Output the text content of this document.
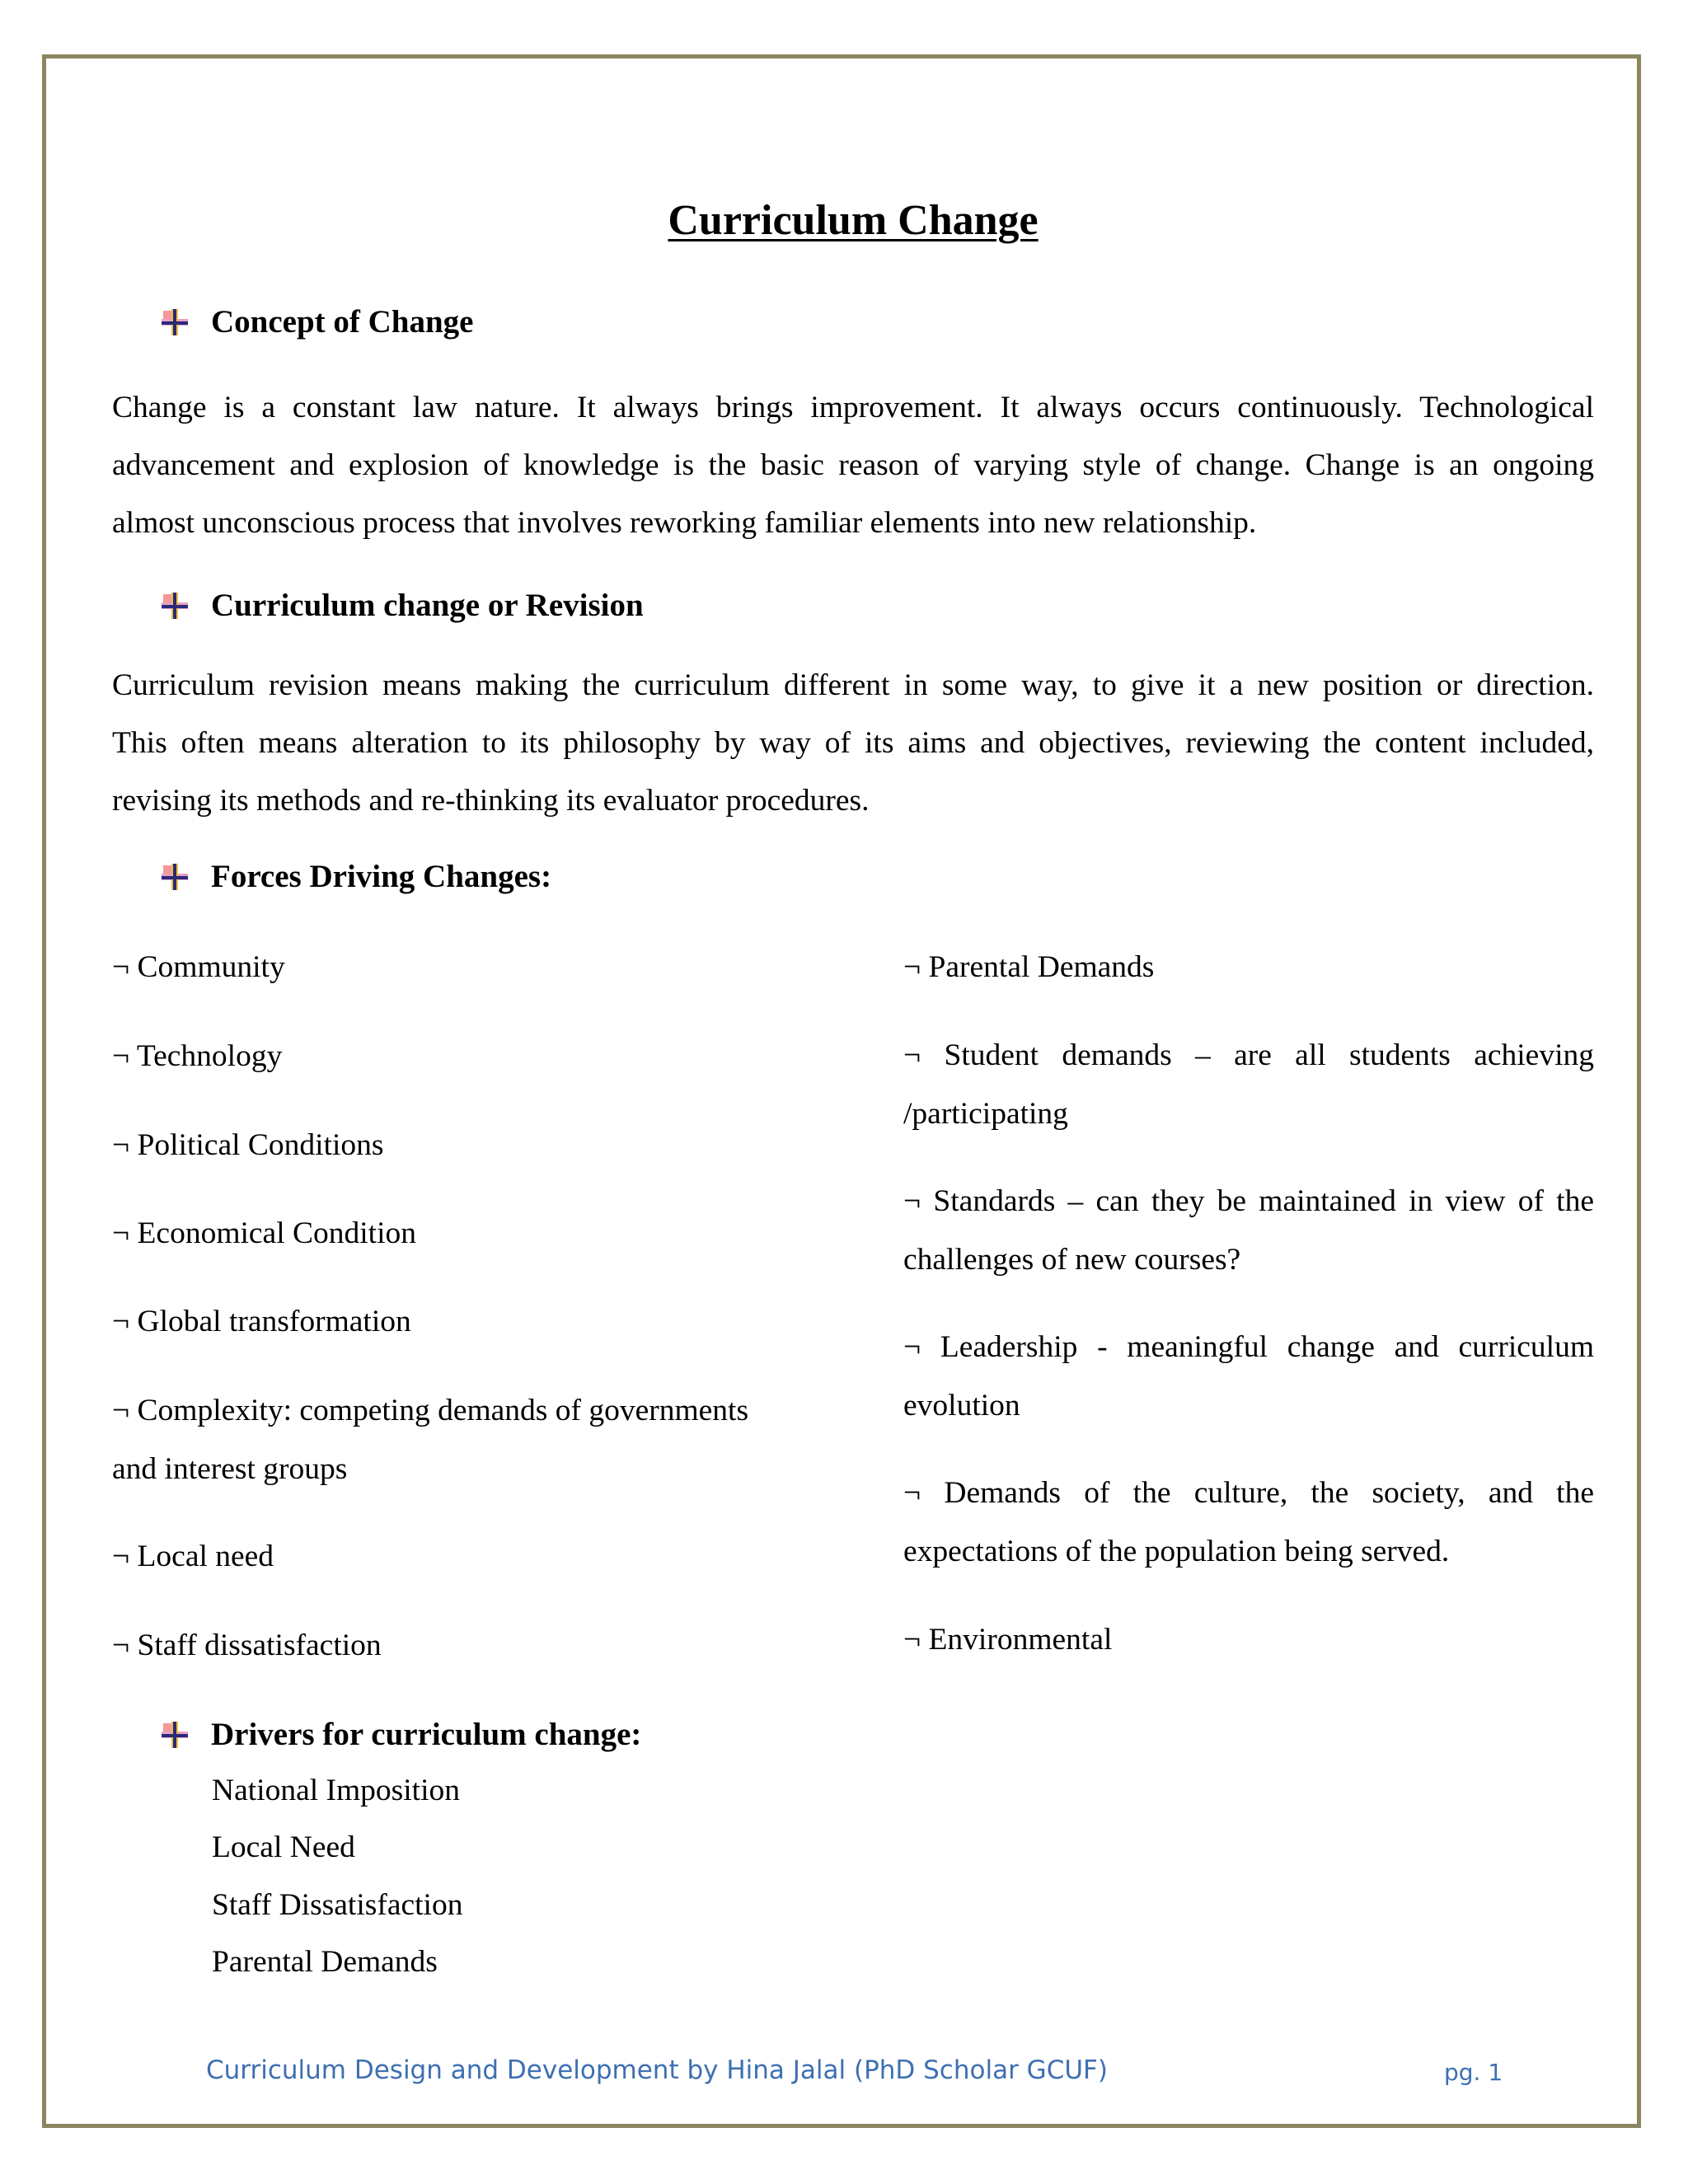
Curriculum Change
Concept of Change
Change is a constant law nature. It always brings improvement. It always occurs continuously. Technological
advancement and explosion of knowledge is the basic reason of varying style of change. Change is an ongoing
almost unconscious process that involves reworking familiar elements into new relationship.
Curriculum change or Revision
Curriculum revision means making the curriculum different in some way, to give it a new position or direction.
This often means alteration to its philosophy by way of its aims and objectives, reviewing the content included,
revising its methods and re-thinking its evaluator procedures.
Forces Driving Changes:
¬ Community
¬ Technology
¬ Political Conditions
¬ Economical Condition
¬ Global transformation
¬ Complexity: competing demands of governments
and interest groups
¬ Local need
¬ Staff dissatisfaction
¬ Parental Demands
¬ Student demands – are all students achieving
/participating
¬ Standards – can they be maintained in view of the
challenges of new courses?
¬ Leadership - meaningful change and curriculum
evolution
¬ Demands of the culture, the society, and the
expectations of the population being served.
¬ Environmental
Drivers for curriculum change:
National Imposition
Local Need
Staff Dissatisfaction
Parental Demands
Curriculum Design and Development by Hina Jalal (PhD Scholar GCUF)	pg. 1
